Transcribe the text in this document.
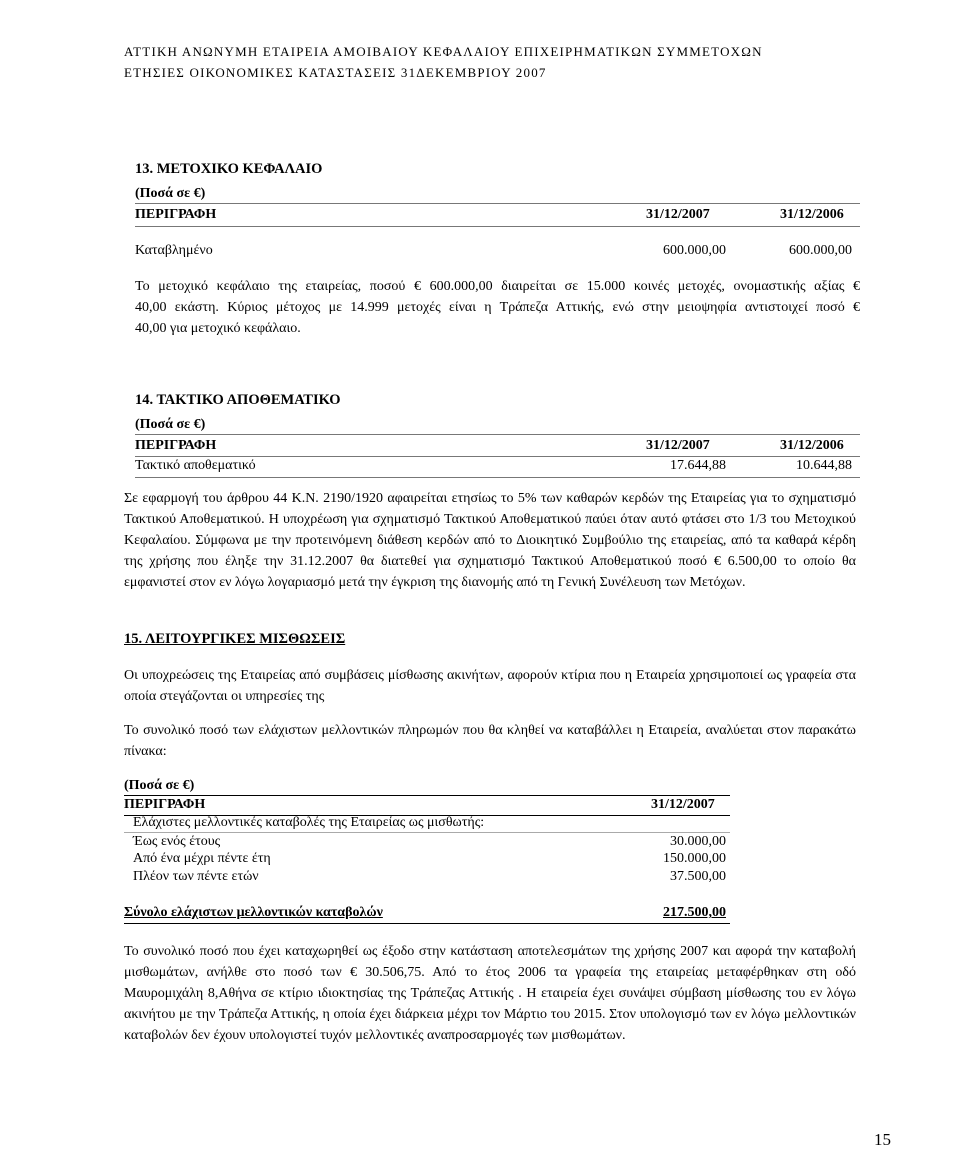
ΑΤΤΙΚΗ ΑΝΩΝΥΜΗ ΕΤΑΙΡΕΙΑ ΑΜΟΙΒΑΙΟΥ ΚΕΦΑΛΑΙΟΥ ΕΠΙΧΕΙΡΗΜΑΤΙΚΩΝ ΣΥΜΜΕΤΟΧΩΝ
ΕΤΗΣΙΕΣ ΟΙΚΟΝΟΜΙΚΕΣ ΚΑΤΑΣΤΑΣΕΙΣ 31ΔΕΚΕΜΒΡΙΟΥ 2007
13. ΜΕΤΟΧΙΚΟ ΚΕΦΑΛΑΙΟ
(Ποσά σε €)
ΠΕΡΙΓΡΑΦΗ	31/12/2007	31/12/2006
Καταβλημένο	600.000,00	600.000,00
Το μετοχικό κεφάλαιο της εταιρείας, ποσού € 600.000,00 διαιρείται σε 15.000 κοινές μετοχές, ονομαστικής αξίας €
40,00 εκάστη. Κύριος μέτοχος με 14.999 μετοχές είναι η Τράπεζα Αττικής, ενώ στην μειοψηφία αντιστοιχεί ποσό €
40,00 για μετοχικό κεφάλαιο.
14. ΤΑΚΤΙΚΟ ΑΠΟΘΕΜΑΤΙΚΟ
(Ποσά σε €)
ΠΕΡΙΓΡΑΦΗ	31/12/2007	31/12/2006
Τακτικό αποθεματικό	17.644,88	10.644,88
Σε εφαρμογή του άρθρου 44 Κ.Ν. 2190/1920 αφαιρείται ετησίως το 5% των καθαρών κερδών της Εταιρείας για το σχηματισμό Τακτικού Αποθεματικού. Η υποχρέωση για σχηματισμό Τακτικού Αποθεματικού παύει όταν αυτό φτάσει στο 1/3 του Μετοχικού Κεφαλαίου. Σύμφωνα με την προτεινόμενη διάθεση κερδών από το Διοικητικό Συμβούλιο της εταιρείας, από τα καθαρά κέρδη της χρήσης που έληξε την 31.12.2007 θα διατεθεί για σχηματισμό Τακτικού Αποθεματικού ποσό € 6.500,00 το οποίο θα εμφανιστεί στον εν λόγω λογαριασμό μετά την έγκριση της διανομής από τη Γενική Συνέλευση των Μετόχων.
15. ΛΕΙΤΟΥΡΓΙΚΕΣ ΜΙΣΘΩΣΕΙΣ
Οι υποχρεώσεις της Εταιρείας από συμβάσεις μίσθωσης ακινήτων, αφορούν κτίρια που η Εταιρεία χρησιμοποιεί ως γραφεία στα οποία στεγάζονται οι υπηρεσίες της
Το συνολικό ποσό των ελάχιστων μελλοντικών πληρωμών που θα κληθεί να καταβάλλει η Εταιρεία, αναλύεται στον παρακάτω πίνακα:
(Ποσά σε €)
ΠΕΡΙΓΡΑΦΗ	31/12/2007
Ελάχιστες μελλοντικές καταβολές της Εταιρείας ως μισθωτής:
Έως ενός έτους	30.000,00
Από ένα μέχρι πέντε έτη	150.000,00
Πλέον των πέντε ετών	37.500,00
Σύνολο ελάχιστων μελλοντικών καταβολών	217.500,00
Το συνολικό ποσό που έχει καταχωρηθεί ως έξοδο στην κατάσταση αποτελεσμάτων της χρήσης 2007 και αφορά την καταβολή μισθωμάτων, ανήλθε στο ποσό των € 30.506,75. Από το έτος 2006 τα γραφεία της εταιρείας μεταφέρθηκαν στη οδό Μαυρομιχάλη 8,Αθήνα σε κτίριο ιδιοκτησίας της Τράπεζας Αττικής . Η εταιρεία έχει συνάψει σύμβαση μίσθωσης του εν λόγω ακινήτου με την Τράπεζα Αττικής, η οποία έχει διάρκεια μέχρι τον Μάρτιο του 2015. Στον υπολογισμό των εν λόγω μελλοντικών καταβολών δεν έχουν υπολογιστεί τυχόν μελλοντικές αναπροσαρμογές των μισθωμάτων.
15
